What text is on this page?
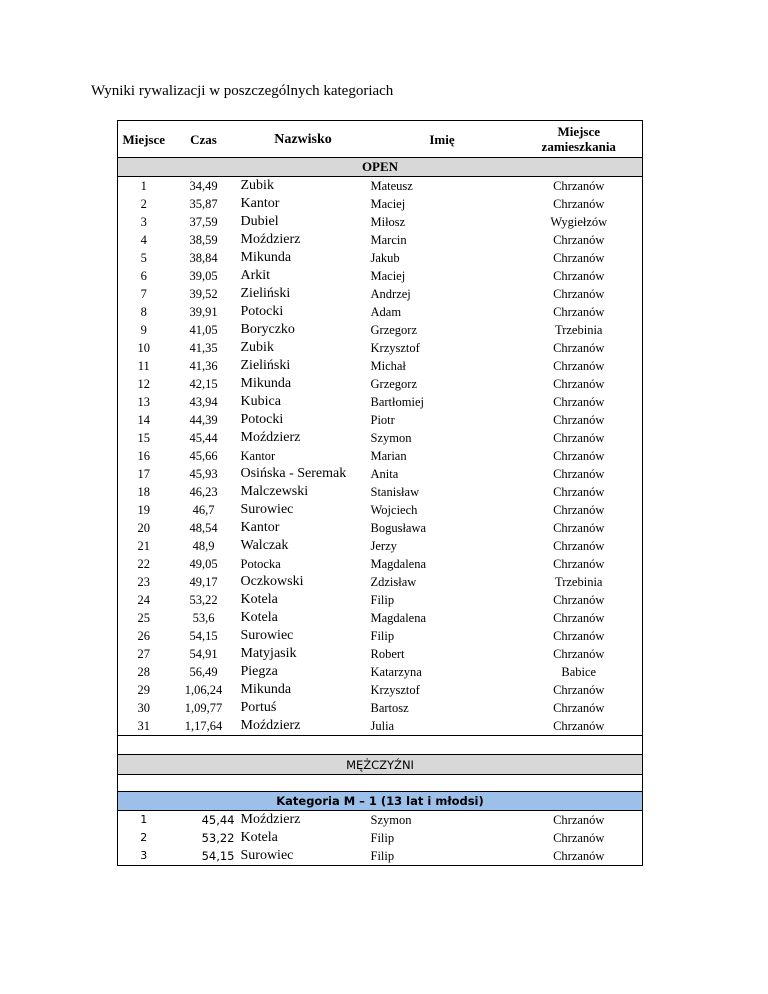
Wyniki rywalizacji w poszczególnych kategoriach
Miejsce	Czas	Nazwisko	Imię	Miejsce
zamieszkania
OPEN				
1	34,49	Zubik	Mateusz	Chrzanów
2	35,87	Kantor	Maciej	Chrzanów
3	37,59	Dubiel	Miłosz	Wygiełzów
4	38,59	Moździerz	Marcin	Chrzanów
5	38,84	Mikunda	Jakub	Chrzanów
6	39,05	Arkit	Maciej	Chrzanów
7	39,52	Zieliński	Andrzej	Chrzanów
8	39,91	Potocki	Adam	Chrzanów
9	41,05	Boryczko	Grzegorz	Trzebinia
10	41,35	Zubik	Krzysztof	Chrzanów
11	41,36	Zieliński	Michał	Chrzanów
12	42,15	Mikunda	Grzegorz	Chrzanów
13	43,94	Kubica	Bartłomiej	Chrzanów
14	44,39	Potocki	Piotr	Chrzanów
15	45,44	Moździerz	Szymon	Chrzanów
16	45,66	Kantor	Marian	Chrzanów
17	45,93	Osińska - Seremak	Anita	Chrzanów
18	46,23	Malczewski	Stanisław	Chrzanów
19	46,7	Surowiec	Wojciech	Chrzanów
20	48,54	Kantor	Bogusława	Chrzanów
21	48,9	Walczak	Jerzy	Chrzanów
22	49,05	Potocka	Magdalena	Chrzanów
23	49,17	Oczkowski	Zdzisław	Trzebinia
24	53,22	Kotela	Filip	Chrzanów
25	53,6	Kotela	Magdalena	Chrzanów
26	54,15	Surowiec	Filip	Chrzanów
27	54,91	Matyjasik	Robert	Chrzanów
28	56,49	Piegza	Katarzyna	Babice
29	1,06,24	Mikunda	Krzysztof	Chrzanów
30	1,09,77	Portuś	Bartosz	Chrzanów
31	1,17,64	Moździerz	Julia	Chrzanów

MĘŻCZYŹNI				

Kategoria M – 1 (13 lat i młodsi)				
1	45,44	Moździerz	Szymon	Chrzanów
2	53,22	Kotela	Filip	Chrzanów
3	54,15	Surowiec	Filip	Chrzanów
